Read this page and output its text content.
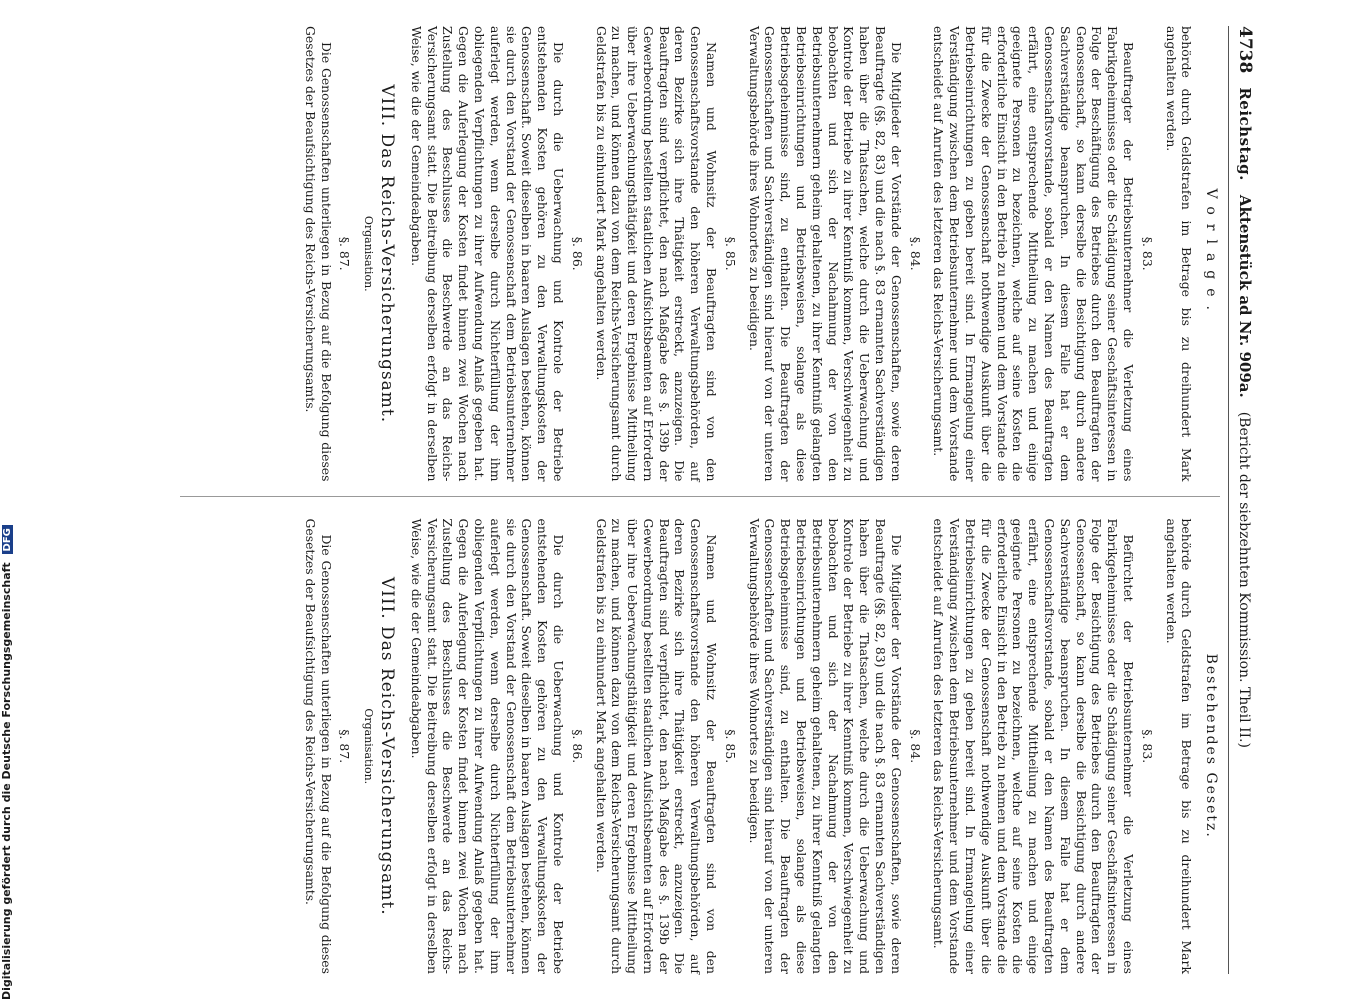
4738
Reichstag.
Aktenstück ad Nr. 909a.
(Bericht der siebzehnten Kommission. Theil II.)
Vorlage.

behörde durch Geldstrafen im Betrage bis zu dreihundert Mark angehalten werden.

§. 83.

Beauftragter der Betriebsunternehmer die Verletzung eines Fabrikgeheimnisses oder die Schädigung seiner Geschäftsinteressen in Folge der Beschäftigung des Betriebes durch den Beauftragten der Genossenschaft, so kann derselbe die Besichtigung durch andere Sachverständige beanspruchen. In diesem Falle hat er dem Genossenschaftsvorstande, sobald er den Namen des Beauftragten erfährt, eine entsprechende Mittheilung zu machen und einige geeignete Personen zu bezeichnen, welche auf seine Kosten die erforderliche Einsicht in den Betrieb zu nehmen und dem Vorstande die für die Zwecke der Genossenschaft nothwendige Auskunft über die Betriebseinrichtungen zu geben bereit sind. In Ermangelung einer Verständigung zwischen dem Betriebsunternehmer und dem Vorstande entscheidet auf Anrufen des letzteren das Reichs-Versicherungsamt.

§. 84.

Die Mitglieder der Vorstände der Genossenschaften, sowie deren Beauftragte (§§. 82, 83) und die nach §. 83 ernannten Sachverständigen haben über die Thatsachen, welche durch die Ueberwachung und Kontrole der Betriebe zu ihrer Kenntniß kommen, Verschwiegenheit zu beobachten und sich der Nachahmung der von den Betriebsunternehmern geheim gehaltenen, zu ihrer Kenntniß gelangten Betriebseinrichtungen und Betriebsweisen, solange als diese Betriebsgeheimnisse sind, zu enthalten. Die Beauftragten der Genossenschaften und Sachverständigen sind hierauf von der unteren Verwaltungsbehörde ihres Wohnortes zu beeidigen.

§. 85.

Namen und Wohnsitz der Beauftragten sind von den Genossenschaftsvorstande den höheren Verwaltungsbehörden, auf deren Bezirke sich ihre Thätigkeit erstreckt, anzuzeigen. Die Beauftragten sind verpflichtet, den nach Maßgabe des §. 139b der Gewerbeordnung bestellten staatlichen Aufsichtsbeamten auf Erfordern über ihre Ueberwachungsthätigkeit und deren Ergebnisse Mittheilung zu machen, und können dazu von dem Reichs-Versicherungsamt durch Geldstrafen bis zu einhundert Mark angehalten werden.

§. 86.

Die durch die Ueberwachung und Kontrole der Betriebe entstehenden Kosten gehören zu den Verwaltungskosten der Genossenschaft. Soweit dieselben in baaren Auslagen bestehen, können sie durch den Vorstand der Genossenschaft dem Betriebsunternehmer auferlegt werden, wenn derselbe durch Nichterfüllung der ihm obliegenden Verpflichtungen zu ihrer Aufwendung Anlaß gegeben hat. Gegen die Auferlegung der Kosten findet binnen zwei Wochen nach Zustellung des Beschlusses die Beschwerde an das Reichs-Versicherungsamt statt. Die Beitreibung derselben erfolgt in derselben Weise, wie die der Gemeindeabgaben.

VIII. Das Reichs-Versicherungsamt.
Organisation.
§. 87.

Die Genossenschaften unterliegen in Bezug auf die Befolgung dieses Gesetzes der Beaufsichtigung des Reichs-Versicherungsamts.

Bestehendes Gesetz.

behörde durch Geldstrafen im Betrage bis zu dreihundert Mark angehalten werden.

§. 83.

Befürchtet der Betriebsunternehmer die Verletzung eines Fabrikgeheimnisses oder die Schädigung seiner Geschäftsinteressen in Folge der Besichtigung des Betriebes durch den Beauftragten der Genossenschaft, so kann derselbe die Besichtigung durch andere Sachverständige beanspruchen. In diesem Falle hat er dem Genossenschaftsvorstande, sobald er den Namen des Beauftragten erfährt, eine entsprechende Mittheilung zu machen und einige geeignete Personen zu bezeichnen, welche auf seine Kosten die erforderliche Einsicht in den Betrieb zu nehmen und dem Vorstande die für die Zwecke der Genossenschaft nothwendige Auskunft über die Betriebseinrichtungen zu geben bereit sind. In Ermangelung einer Verständigung zwischen dem Betriebsunternehmer und dem Vorstande entscheidet auf Anrufen des letzteren das Reichs-Versicherungsamt.

§. 84.

Die Mitglieder der Vorstände der Genossenschaften, sowie deren Beauftragte (§§. 82, 83) und die nach §. 83 ernannten Sachverständigen haben über die Thatsachen, welche durch die Ueberwachung und Kontrole der Betriebe zu ihrer Kenntniß kommen, Verschwiegenheit zu beobachten und sich der Nachahmung der von den Betriebsunternehmern geheim gehaltenen, zu ihrer Kenntniß gelangten Betriebseinrichtungen und Betriebsweisen, solange als diese Betriebsgeheimnisse sind, zu enthalten. Die Beauftragten der Genossenschaften und Sachverständigen sind hierauf von der unteren Verwaltungsbehörde ihres Wohnortes zu beeidigen.

§. 85.

Namen und Wohnsitz der Beauftragten sind von den Genossenschaftsvorstande den höheren Verwaltungsbehörden, auf deren Bezirke sich ihre Thätigkeit erstreckt, anzuzeigen. Die Beauftragten sind verpflichtet, den nach Maßgabe des §. 139b der Gewerbeordnung bestellten staatlichen Aufsichtsbeamten auf Erfordern über ihre Ueberwachungsthätigkeit und deren Ergebnisse Mittheilung zu machen, und können dazu von dem Reichs-Versicherungsamt durch Geldstrafen bis zu einhundert Mark angehalten werden.

§. 86.

Die durch die Ueberwachung und Kontrole der Betriebe entstehenden Kosten gehören zu den Verwaltungskosten der Genossenschaft. Soweit dieselben in baaren Auslagen bestehen, können sie durch den Vorstand der Genossenschaft dem Betriebsunternehmer auferlegt werden, wenn derselbe durch Nichterfüllung der ihm obliegenden Verpflichtungen zu ihrer Aufwendung Anlaß gegeben hat. Gegen die Auferlegung der Kosten findet binnen zwei Wochen nach Zustellung des Beschlusses die Beschwerde an das Reichs-Versicherungsamt statt. Die Beitreibung derselben erfolgt in derselben Weise, wie die der Gemeindeabgaben.

VIII. Das Reichs-Versicherungsamt.
Organisation.
§. 87.

Die Genossenschaften unterliegen in Bezug auf die Befolgung dieses Gesetzes der Beaufsichtigung des Reichs-Versicherungsamts.

Digitalisierung gefördert durch die Deutsche Forschungsgemeinschaft DFG
